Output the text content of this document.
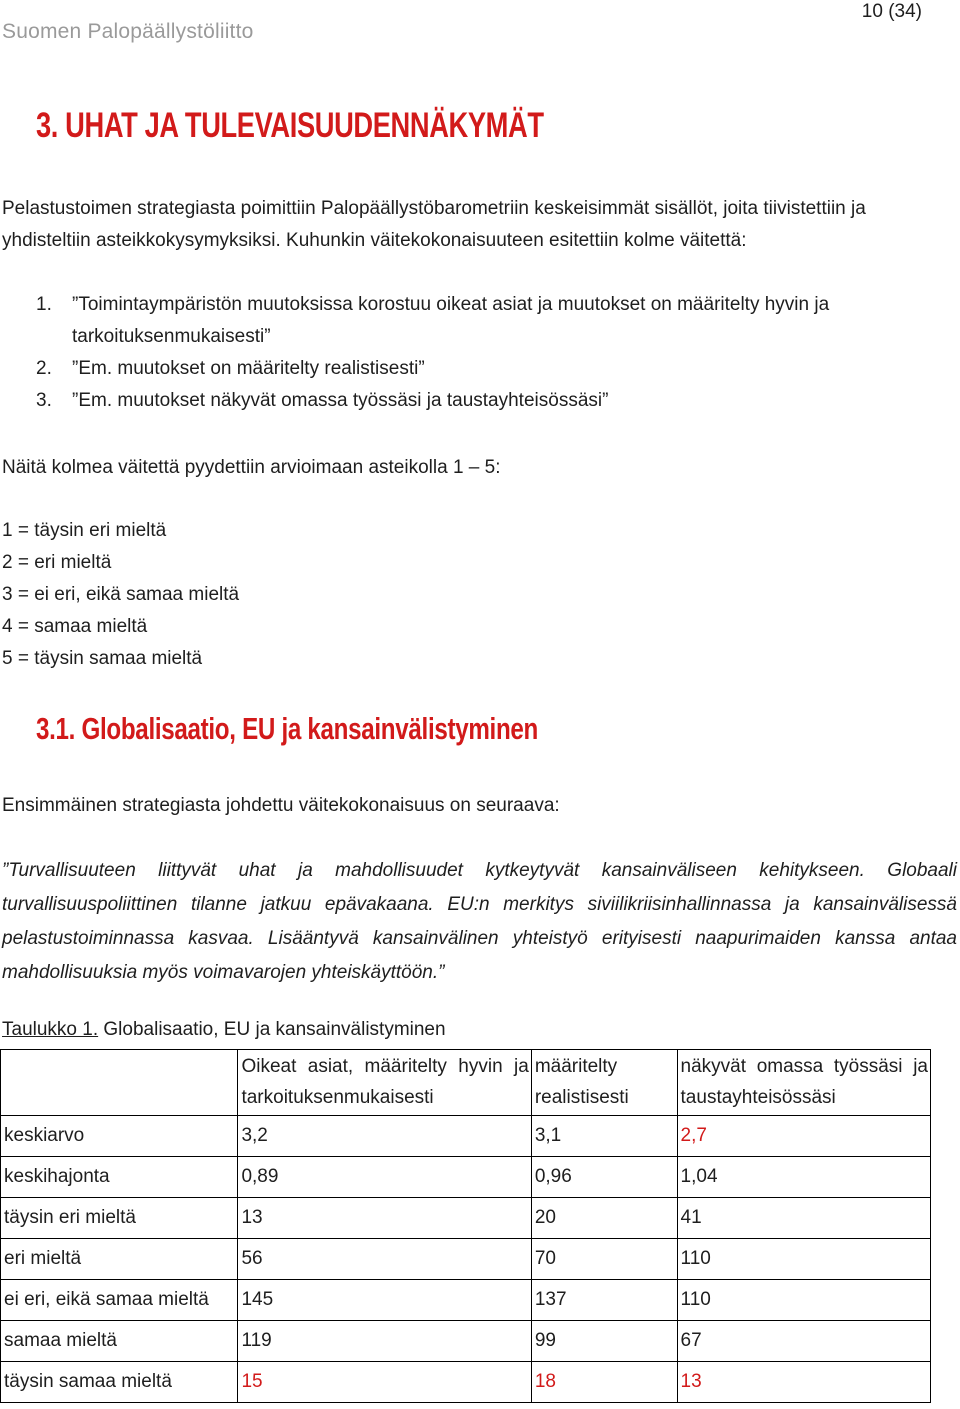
Suomen Palopäällystöliitto
10 (34)
3. UHAT JA TULEVAISUUDENNÄKYMÄT
Pelastustoimen strategiasta poimittiin Palopäällystöbarometriin keskeisimmät sisällöt, joita tiivistettiin ja yhdisteltiin asteikkokysymyksiksi. Kuhunkin väitekokonaisuuteen esitettiin kolme väitettä:
1. ”Toimintaympäristön muutoksissa korostuu oikeat asiat ja muutokset on määritelty hyvin ja tarkoituksenmukaisesti”
2. ”Em. muutokset on määritelty realistisesti”
3. ”Em. muutokset näkyvät omassa työssäsi ja taustayhteisössäsi”
Näitä kolmea väitettä pyydettiin arvioimaan asteikolla 1 – 5:
1 = täysin eri mieltä
2 = eri mieltä
3 = ei eri, eikä samaa mieltä
4 = samaa mieltä
5 = täysin samaa mieltä
3.1. Globalisaatio, EU ja kansainvälistyminen
Ensimmäinen strategiasta johdettu väitekokonaisuus on seuraava:
”Turvallisuuteen liittyvät uhat ja mahdollisuudet kytkeytyvät kansainväliseen kehitykseen. Globaali turvallisuuspoliittinen tilanne jatkuu epävakaana. EU:n merkitys siviilikriisinhallinnassa ja kansainvälisessä pelastustoiminnassa kasvaa. Lisääntyvä kansainvälinen yhteistyö erityisesti naapurimaiden kanssa antaa mahdollisuuksia myös voimavarojen yhteiskäyttöön.”
Taulukko 1. Globalisaatio, EU ja kansainvälistyminen
	Oikeat asiat, määritelty hyvin ja tarkoituksenmukaisesti	määritelty realistisesti	näkyvät omassa työssäsi ja taustayhteisössäsi
keskiarvo	3,2	3,1	2,7
keskihajonta	0,89	0,96	1,04
täysin eri mieltä	13	20	41
eri mieltä	56	70	110
ei eri, eikä samaa mieltä	145	137	110
samaa mieltä	119	99	67
täysin samaa mieltä	15	18	13
